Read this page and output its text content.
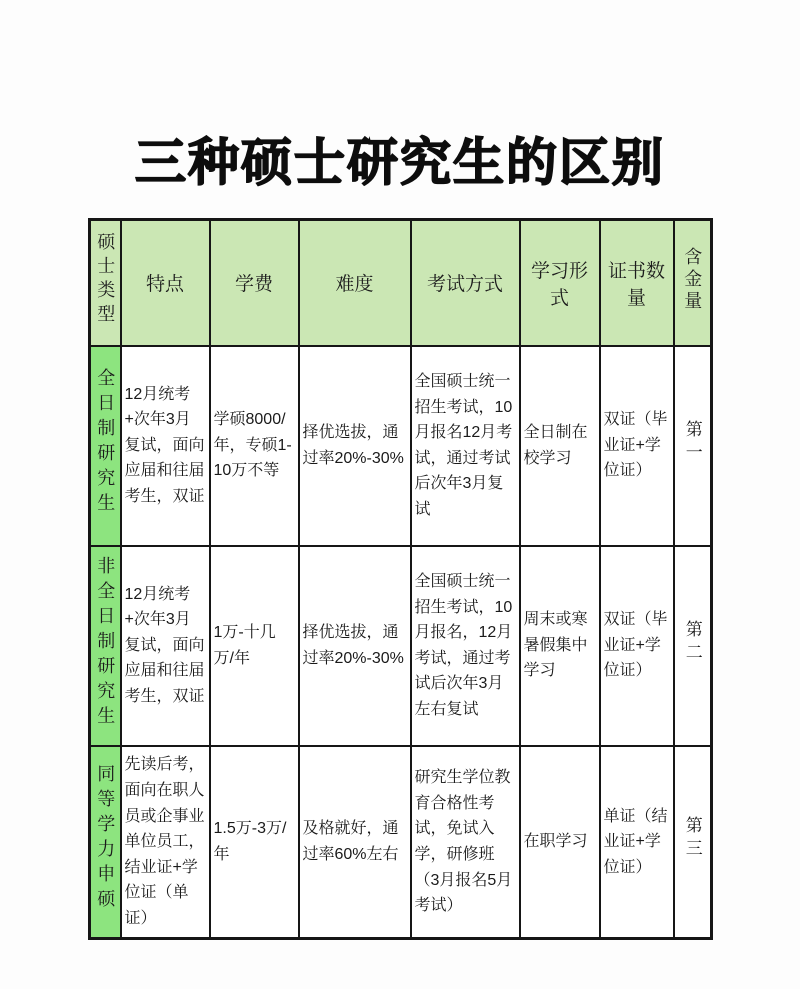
三种硕士研究生的区别
硕士类型	特点	学费	难度	考试方式	学习形式	证书数量	含金量
全日制研究生	12月统考+次年3月复试，面向应届和往届考生，双证	学硕8000/年，专硕1-10万不等	择优选拔，通过率20%-30%	全国硕士统一招生考试，10月报名12月考试，通过考试后次年3月复试	全日制在校学习	双证（毕业证+学位证）	第一
非全日制研究生	12月统考+次年3月复试，面向应届和往届考生，双证	1万-十几万/年	择优选拔，通过率20%-30%	全国硕士统一招生考试，10月报名，12月考试，通过考试后次年3月左右复试	周末或寒暑假集中学习	双证（毕业证+学位证）	第二
同等学力申硕	先读后考，面向在职人员或企事业单位员工，结业证+学位证（单证）	1.5万-3万/年	及格就好，通过率60%左右	研究生学位教育合格性考试，免试入学，研修班（3月报名5月考试）	在职学习	单证（结业证+学位证）	第三
